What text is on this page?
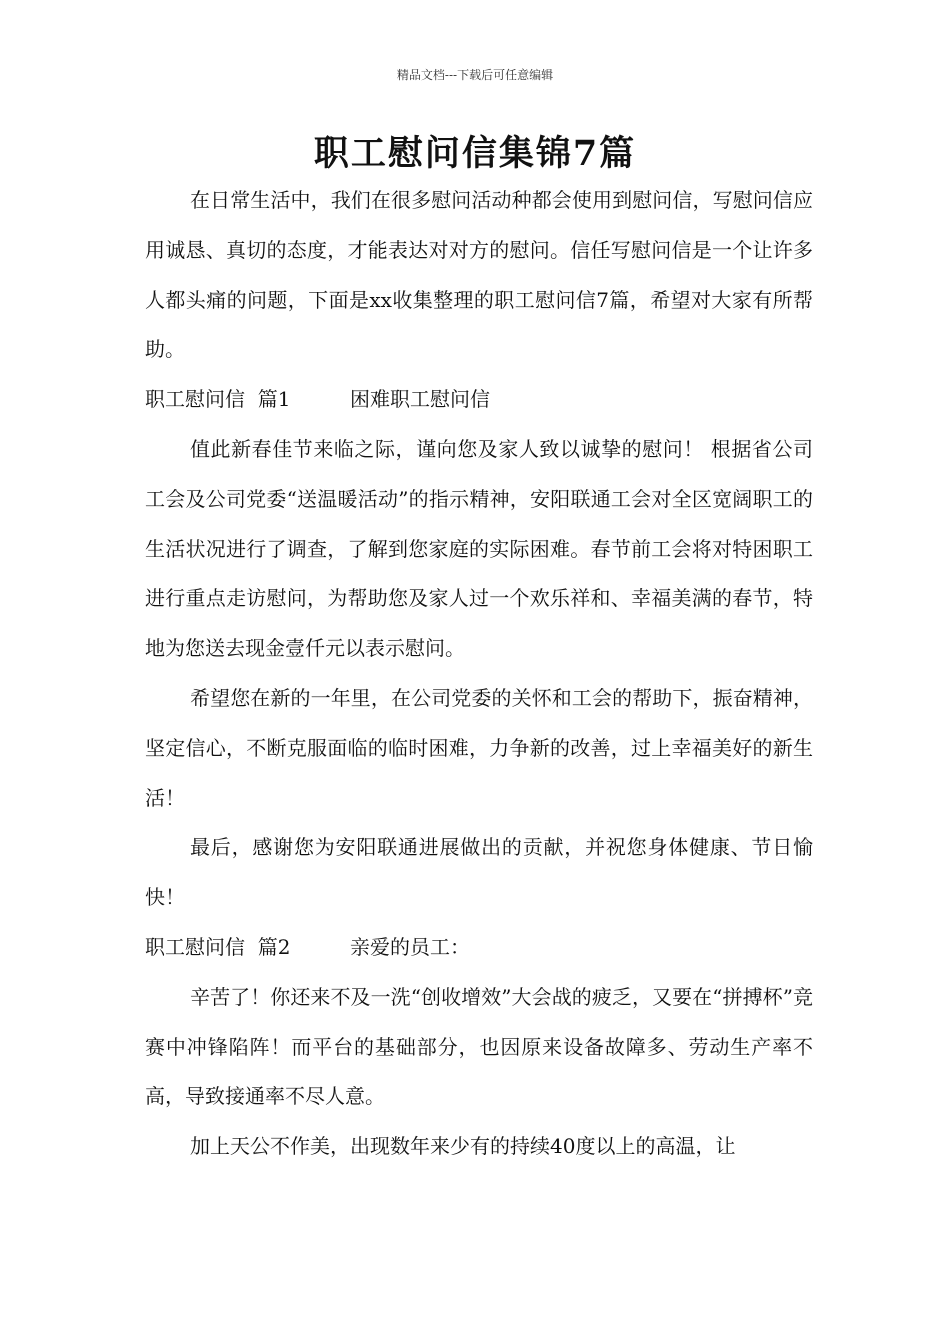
精品文档---下载后可任意编辑
职工慰问信集锦7篇

在日常生活中，我们在很多慰问活动种都会使用到慰问信，写慰问信应用诚恳、真切的态度，才能表达对对方的慰问。信任写慰问信是一个让许多人都头痛的问题，下面是xx收集整理的职工慰问信7篇，希望对大家有所帮助。

职工慰问信  篇1	困难职工慰问信

值此新春佳节来临之际，谨向您及家人致以诚挚的慰问！ 根据省公司工会及公司党委“送温暖活动”的指示精神，安阳联通工会对全区宽阔职工的生活状况进行了调查，了解到您家庭的实际困难。春节前工会将对特困职工进行重点走访慰问，为帮助您及家人过一个欢乐祥和、幸福美满的春节，特地为您送去现金壹仟元以表示慰问。

希望您在新的一年里，在公司党委的关怀和工会的帮助下，振奋精神，坚定信心，不断克服面临的临时困难，力争新的改善，过上幸福美好的新生活！

最后，感谢您为安阳联通进展做出的贡献，并祝您身体健康、节日愉快！

职工慰问信  篇2	亲爱的员工：

辛苦了！你还来不及一洗“创收增效”大会战的疲乏，又要在“拼搏杯”竞赛中冲锋陷阵！而平台的基础部分，也因原来设备故障多、劳动生产率不高，导致接通率不尽人意。

加上天公不作美，出现数年来少有的持续40度以上的高温，让
